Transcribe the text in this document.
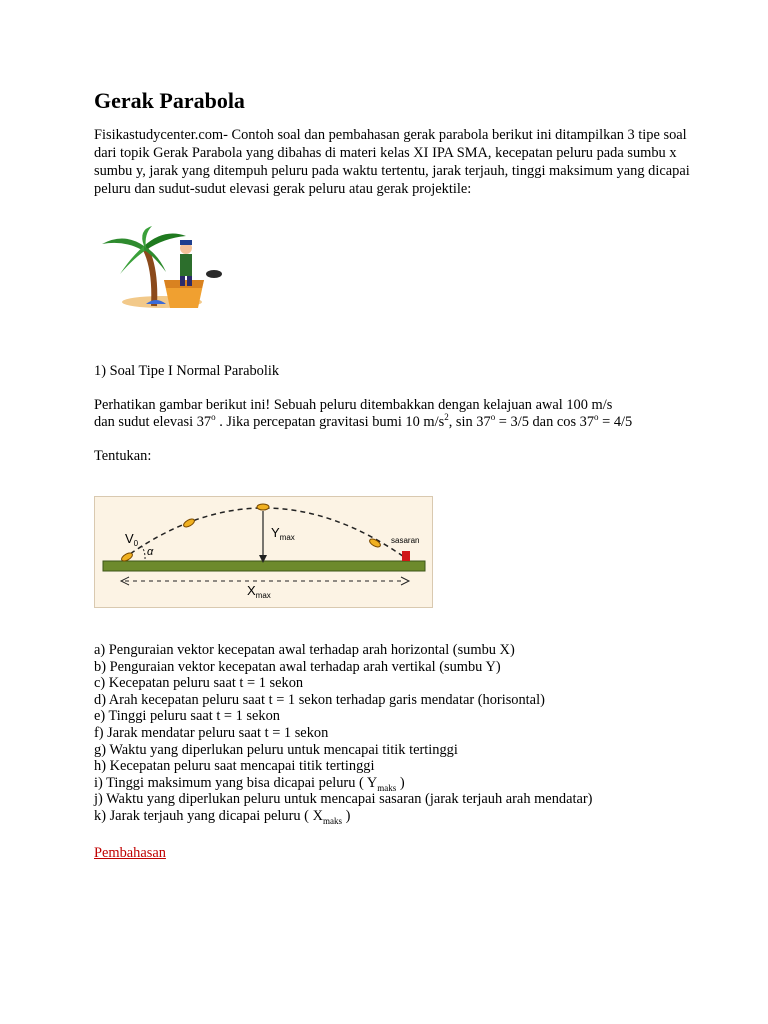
Gerak Parabola

Fisikastudycenter.com- Contoh soal dan pembahasan gerak parabola berikut ini ditampilkan 3 tipe soal dari topik Gerak Parabola yang dibahas di materi kelas XI IPA SMA, kecepatan peluru pada sumbu x sumbu y, jarak yang ditempuh peluru pada waktu tertentu, jarak terjauh, tinggi maksimum yang dicapai peluru dan sudut-sudut elevasi gerak peluru atau gerak projektile:

1) Soal Tipe I Normal Parabolik

Perhatikan gambar berikut ini! Sebuah peluru ditembakkan dengan kelajuan awal 100 m/s

dan sudut elevasi 37$^o$ . Jika percepatan gravitasi bumi 10 $m/s^2$, $\sin 37^o = 3/5$ dan $\cos 37^o = 4/5$

Tentukan:

$V_0$
α
$Y_{max}$	sasaran
$X_{max}$
a) Penguraian vektor kecepatan awal terhadap arah horizontal (sumbu X)
b) Penguraian vektor kecepatan awal terhadap arah vertikal (sumbu Y)
c) Kecepatan peluru saat t = 1 sekon
d) Arah kecepatan peluru saat t = 1 sekon terhadap garis mendatar (horisontal)
e) Tinggi peluru saat t = 1 sekon
f) Jarak mendatar peluru saat t = 1 sekon
g) Waktu yang diperlukan peluru untuk mencapai titik tertinggi
h) Kecepatan peluru saat mencapai titik tertinggi
i) Tinggi maksimum yang bisa dicapai peluru ( $Y_{maks}$ )
j) Waktu yang diperlukan peluru untuk mencapai sasaran (jarak terjauh arah mendatar)
k) Jarak terjauh yang dicapai peluru ( $X_{maks}$ )
Pembahasan
